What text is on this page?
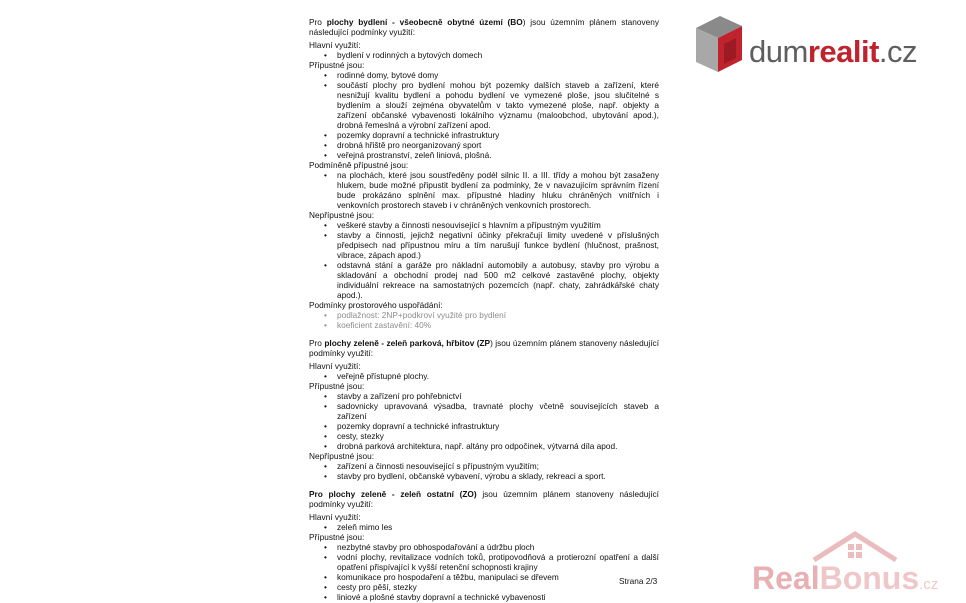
dumrealit.cz

Pro plochy bydlení - všeobecně obytné území (BO) jsou územním plánem stanoveny následující podmínky využití:

Hlavní využití:

• bydlení v rodinných a bytových domech

Přípustné jsou:

• rodinné domy, bytové domy
• součástí plochy pro bydlení mohou být pozemky dalších staveb a zařízení, které nesnižují kvalitu bydlení a pohodu bydlení ve vymezené ploše, jsou slučitelné s bydlením a slouží zejména obyvatelům v takto vymezené ploše, např. objekty a zařízení občanské vybavenosti lokálního významu (maloobchod, ubytování apod.), drobná řemeslná a výrobní zařízení apod.
• pozemky dopravní a technické infrastruktury
• drobná hřiště pro neorganizovaný sport
• veřejná prostranství, zeleň liniová, plošná.

Podmíněně přípustné jsou:

• na plochách, které jsou soustředěny podél silnic II. a III. třídy a mohou být zasaženy hlukem, bude možné připustit bydlení za podmínky, že v navazujícím správním řízení bude prokázáno splnění max. přípustné hladiny hluku chráněných vnitřních i venkovních prostorech staveb i v chráněných venkovních prostorech.

Nepřípustné jsou:

• veškeré stavby a činnosti nesouvisející s hlavním a přípustným využitím
• stavby a činnosti, jejichž negativní účinky překračují limity uvedené v příslušných předpisech nad přípustnou míru a tím narušují funkce bydlení (hlučnost, prašnost, vibrace, zápach apod.)
• odstavná stání a garáže pro nákladní automobily a autobusy, stavby pro výrobu a skladování a obchodní prodej nad 500 m2 celkové zastavěné plochy, objekty individuální rekreace na samostatných pozemcích (např. chaty, zahrádkářské chaty apod.).

Podmínky prostorového uspořádání:

• podlažnost: 2NP+podkroví využité pro bydlení
• koeficient zastavění: 40%

Pro plochy zeleně - zeleň parková, hřbitov (ZP) jsou územním plánem stanoveny následující podmínky využití:

Hlavní využití:

• veřejně přístupné plochy.

Přípustné jsou:

• stavby a zařízení pro pohřebnictví
• sadovnicky upravovaná výsadba, travnaté plochy včetně souvisejících staveb a zařízení
• pozemky dopravní a technické infrastruktury
• cesty, stezky
• drobná parková architektura, např. altány pro odpočinek, výtvarná díla apod.

Nepřípustné jsou:

• zařízení a činnosti nesouvisející s přípustným využitím;
• stavby pro bydlení, občanské vybavení, výrobu a sklady, rekreaci a sport.

Pro plochy zeleně - zeleň ostatní (ZO) jsou územním plánem stanoveny následující podmínky využití:

Hlavní využití:

• zeleň mimo les

Přípustné jsou:

• nezbytné stavby pro obhospodařování a údržbu ploch
• vodní plochy, revitalizace vodních toků, protipovodňová a protierozní opatření a další opatření přispívající k vyšší retenční schopnosti krajiny
• komunikace pro hospodaření a těžbu, manipulaci se dřevem
• cesty pro pěší, stezky
• liniové a plošné stavby dopravní a technické vybavenosti
Strana 2/3	RealBonus.cz
